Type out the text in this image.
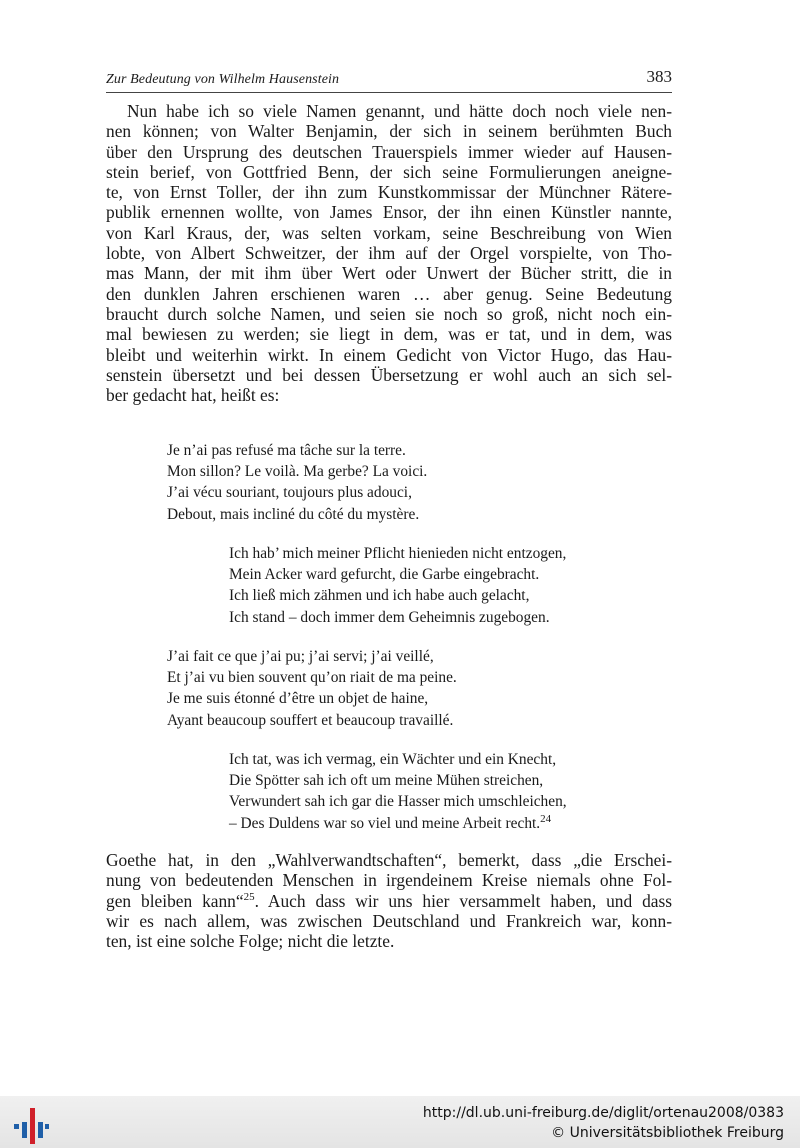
Zur Bedeutung von Wilhelm Hausenstein	383
Nun habe ich so viele Namen genannt, und hätte doch noch viele nen-
nen können; von Walter Benjamin, der sich in seinem berühmten Buch
über den Ursprung des deutschen Trauerspiels immer wieder auf Hausen-
stein berief, von Gottfried Benn, der sich seine Formulierungen aneigne-
te, von Ernst Toller, der ihn zum Kunstkommissar der Münchner Rätere-
publik ernennen wollte, von James Ensor, der ihn einen Künstler nannte,
von Karl Kraus, der, was selten vorkam, seine Beschreibung von Wien
lobte, von Albert Schweitzer, der ihm auf der Orgel vorspielte, von Tho-
mas Mann, der mit ihm über Wert oder Unwert der Bücher stritt, die in
den dunklen Jahren erschienen waren … aber genug. Seine Bedeutung
braucht durch solche Namen, und seien sie noch so groß, nicht noch ein-
mal bewiesen zu werden; sie liegt in dem, was er tat, und in dem, was
bleibt und weiterhin wirkt. In einem Gedicht von Victor Hugo, das Hau-
senstein übersetzt und bei dessen Übersetzung er wohl auch an sich sel-
ber gedacht hat, heißt es:
Je n’ai pas refusé ma tâche sur la terre.
Mon sillon? Le voilà. Ma gerbe? La voici.
J’ai vécu souriant, toujours plus adouci,
Debout, mais incliné du côté du mystère.
Ich hab’ mich meiner Pflicht hienieden nicht entzogen,
Mein Acker ward gefurcht, die Garbe eingebracht.
Ich ließ mich zähmen und ich habe auch gelacht,
Ich stand – doch immer dem Geheimnis zugebogen.
J’ai fait ce que j’ai pu; j’ai servi; j’ai veillé,
Et j’ai vu bien souvent qu’on riait de ma peine.
Je me suis étonné d’être un objet de haine,
Ayant beaucoup souffert et beaucoup travaillé.
Ich tat, was ich vermag, ein Wächter und ein Knecht,
Die Spötter sah ich oft um meine Mühen streichen,
Verwundert sah ich gar die Hasser mich umschleichen,
– Des Duldens war so viel und meine Arbeit recht.$^{24}$
Goethe hat, in den „Wahlverwandtschaften“, bemerkt, dass „die Erschei-
nung von bedeutenden Menschen in irgendeinem Kreise niemals ohne Fol-
gen bleiben kann“$^{25}$. Auch dass wir uns hier versammelt haben, und dass
wir es nach allem, was zwischen Deutschland und Frankreich war, konn-
ten, ist eine solche Folge; nicht die letzte.
http://dl.ub.uni-freiburg.de/diglit/ortenau2008/0383
© Universitätsbibliothek Freiburg
